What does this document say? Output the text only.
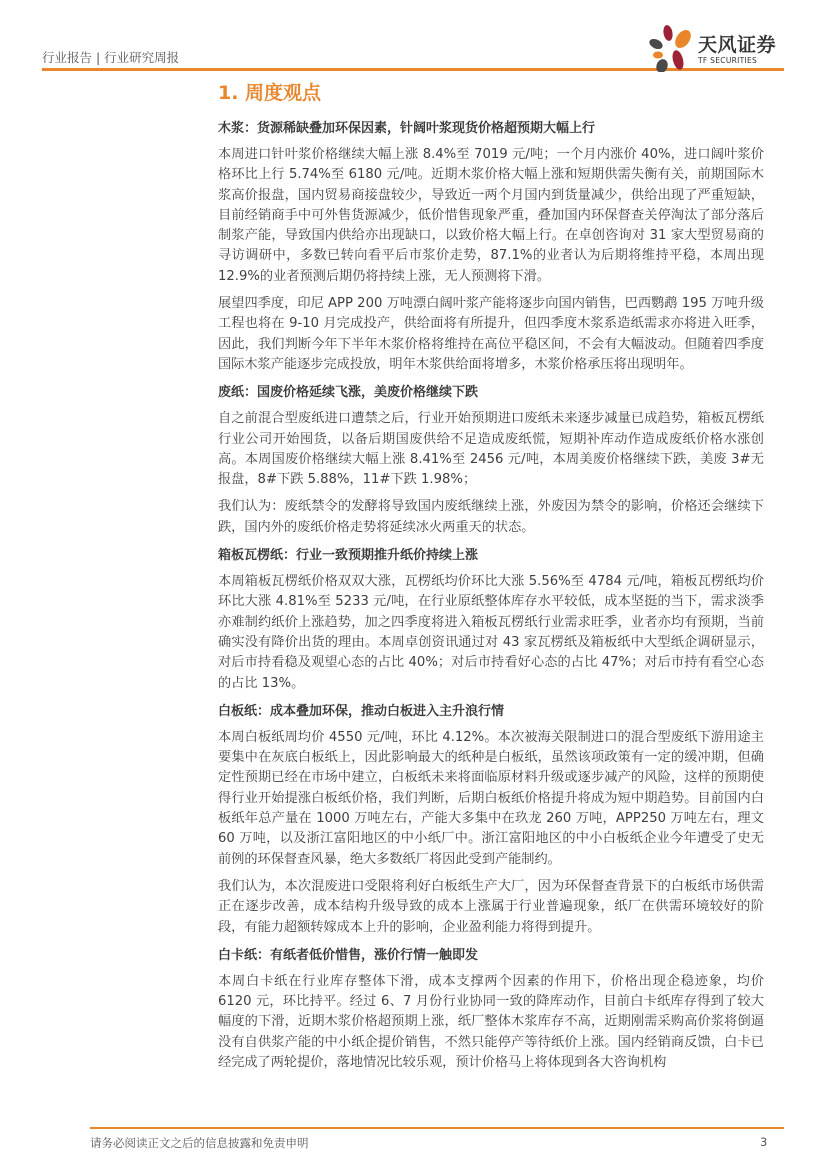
行业报告 | 行业研究周报
天风证券
TF SECURITIES
1. 周度观点
木浆：货源稀缺叠加环保因素，针阔叶浆现货价格超预期大幅上行

本周进口针叶浆价格继续大幅上涨 8.4%至 7019 元/吨；一个月内涨价 40%，进口阔叶浆价格环比上行 5.74%至 6180 元/吨。近期木浆价格大幅上涨和短期供需失衡有关，前期国际木浆高价报盘，国内贸易商接盘较少，导致近一两个月国内到货量减少，供给出现了严重短缺，目前经销商手中可外售货源减少，低价惜售现象严重，叠加国内环保督查关停淘汰了部分落后制浆产能，导致国内供给亦出现缺口，以致价格大幅上行。在卓创咨询对 31 家大型贸易商的寻访调研中，多数已转向看平后市浆价走势，87.1%的业者认为后期将维持平稳，本周出现 12.9%的业者预测后期仍将持续上涨，无人预测将下滑。

展望四季度，印尼 APP 200 万吨漂白阔叶浆产能将逐步向国内销售，巴西鹦鹉 195 万吨升级工程也将在 9-10 月完成投产，供给面将有所提升，但四季度木浆系造纸需求亦将进入旺季，因此，我们判断今年下半年木浆价格将维持在高位平稳区间，不会有大幅波动。但随着四季度国际木浆产能逐步完成投放，明年木浆供给面将增多，木浆价格承压将出现明年。

废纸：国废价格延续飞涨，美废价格继续下跌

自之前混合型废纸进口遭禁之后，行业开始预期进口废纸未来逐步减量已成趋势，箱板瓦楞纸行业公司开始囤货，以备后期国废供给不足造成废纸慌，短期补库动作造成废纸价格水涨创高。本周国废价格继续大幅上涨 8.41%至 2456 元/吨，本周美废价格继续下跌，美废 3#无报盘，8#下跌 5.88%，11#下跌 1.98%；

我们认为：废纸禁令的发酵将导致国内废纸继续上涨，外废因为禁令的影响，价格还会继续下跌，国内外的废纸价格走势将延续冰火两重天的状态。

箱板瓦楞纸：行业一致预期推升纸价持续上涨

本周箱板瓦楞纸价格双双大涨，瓦楞纸均价环比大涨 5.56%至 4784 元/吨，箱板瓦楞纸均价环比大涨 4.81%至 5233 元/吨，在行业原纸整体库存水平较低，成本坚挺的当下，需求淡季亦难制约纸价上涨趋势，加之四季度将进入箱板瓦楞纸行业需求旺季，业者亦均有预期，当前确实没有降价出货的理由。本周卓创资讯通过对 43 家瓦楞纸及箱板纸中大型纸企调研显示，对后市持看稳及观望心态的占比 40%；对后市持看好心态的占比 47%；对后市持有看空心态的占比 13%。

白板纸：成本叠加环保，推动白板进入主升浪行情

本周白板纸周均价 4550 元/吨，环比 4.12%。本次被海关限制进口的混合型废纸下游用途主要集中在灰底白板纸上，因此影响最大的纸种是白板纸，虽然该项政策有一定的缓冲期，但确定性预期已经在市场中建立，白板纸未来将面临原材料升级或逐步减产的风险，这样的预期使得行业开始提涨白板纸价格，我们判断，后期白板纸价格提升将成为短中期趋势。目前国内白板纸年总产量在 1000 万吨左右，产能大多集中在玖龙 260 万吨，APP250 万吨左右，理文 60 万吨，以及浙江富阳地区的中小纸厂中。浙江富阳地区的中小白板纸企业今年遭受了史无前例的环保督查风暴，绝大多数纸厂将因此受到产能制约。

我们认为，本次混废进口受限将利好白板纸生产大厂，因为环保督查背景下的白板纸市场供需正在逐步改善，成本结构升级导致的成本上涨属于行业普遍现象，纸厂在供需环境较好的阶段，有能力超额转嫁成本上升的影响，企业盈利能力将得到提升。

白卡纸：有纸者低价惜售，涨价行情一触即发

本周白卡纸在行业库存整体下滑，成本支撑两个因素的作用下，价格出现企稳迹象，均价 6120 元，环比持平。经过 6、7 月份行业协同一致的降库动作，目前白卡纸库存得到了较大幅度的下滑，近期木浆价格超预期上涨，纸厂整体木浆库存不高，近期刚需采购高价浆将倒逼没有自供浆产能的中小纸企提价销售，不然只能停产等待纸价上涨。国内经销商反馈，白卡已经完成了两轮提价，落地情况比较乐观，预计价格马上将体现到各大咨询机构

请务必阅读正文之后的信息披露和免责申明	3
